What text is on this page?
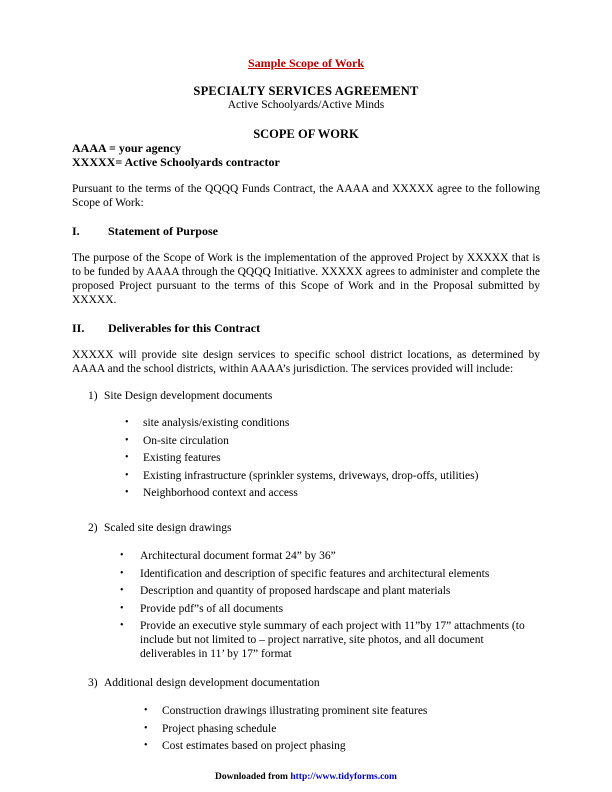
Sample Scope of Work
SPECIALTY SERVICES AGREEMENT
Active Schoolyards/Active Minds
SCOPE OF WORK
AAAA = your agency
XXXXX= Active Schoolyards contractor

Pursuant to the terms of the QQQQ Funds Contract, the AAAA and XXXXX agree to the following Scope of Work:

I.	Statement of Purpose

The purpose of the Scope of Work is the implementation of the approved Project by XXXXX that is to be funded by AAAA through the QQQQ Initiative. XXXXX agrees to administer and complete the proposed Project pursuant to the terms of this Scope of Work and in the Proposal submitted by XXXXX.

II.	Deliverables for this Contract

XXXXX will provide site design services to specific school district locations, as determined by AAAA and the school districts, within AAAA’s jurisdiction. The services provided will include:

1) Site Design development documents
•	site analysis/existing conditions
•	On-site circulation
•	Existing features
•	Existing infrastructure (sprinkler systems, driveways, drop-offs, utilities)
•	Neighborhood context and access
2) Scaled site design drawings
•	Architectural document format 24” by 36”
•	Identification and description of specific features and architectural elements
•	Description and quantity of proposed hardscape and plant materials
•	Provide pdf”s of all documents
•	Provide an executive style summary of each project with 11”by 17” attachments (to include but not limited to – project narrative, site photos, and all document deliverables in 11’ by 17” format
3) Additional design development documentation
•	Construction drawings illustrating prominent site features
•	Project phasing schedule
•	Cost estimates based on project phasing
Downloaded from http://www.tidyforms.com
